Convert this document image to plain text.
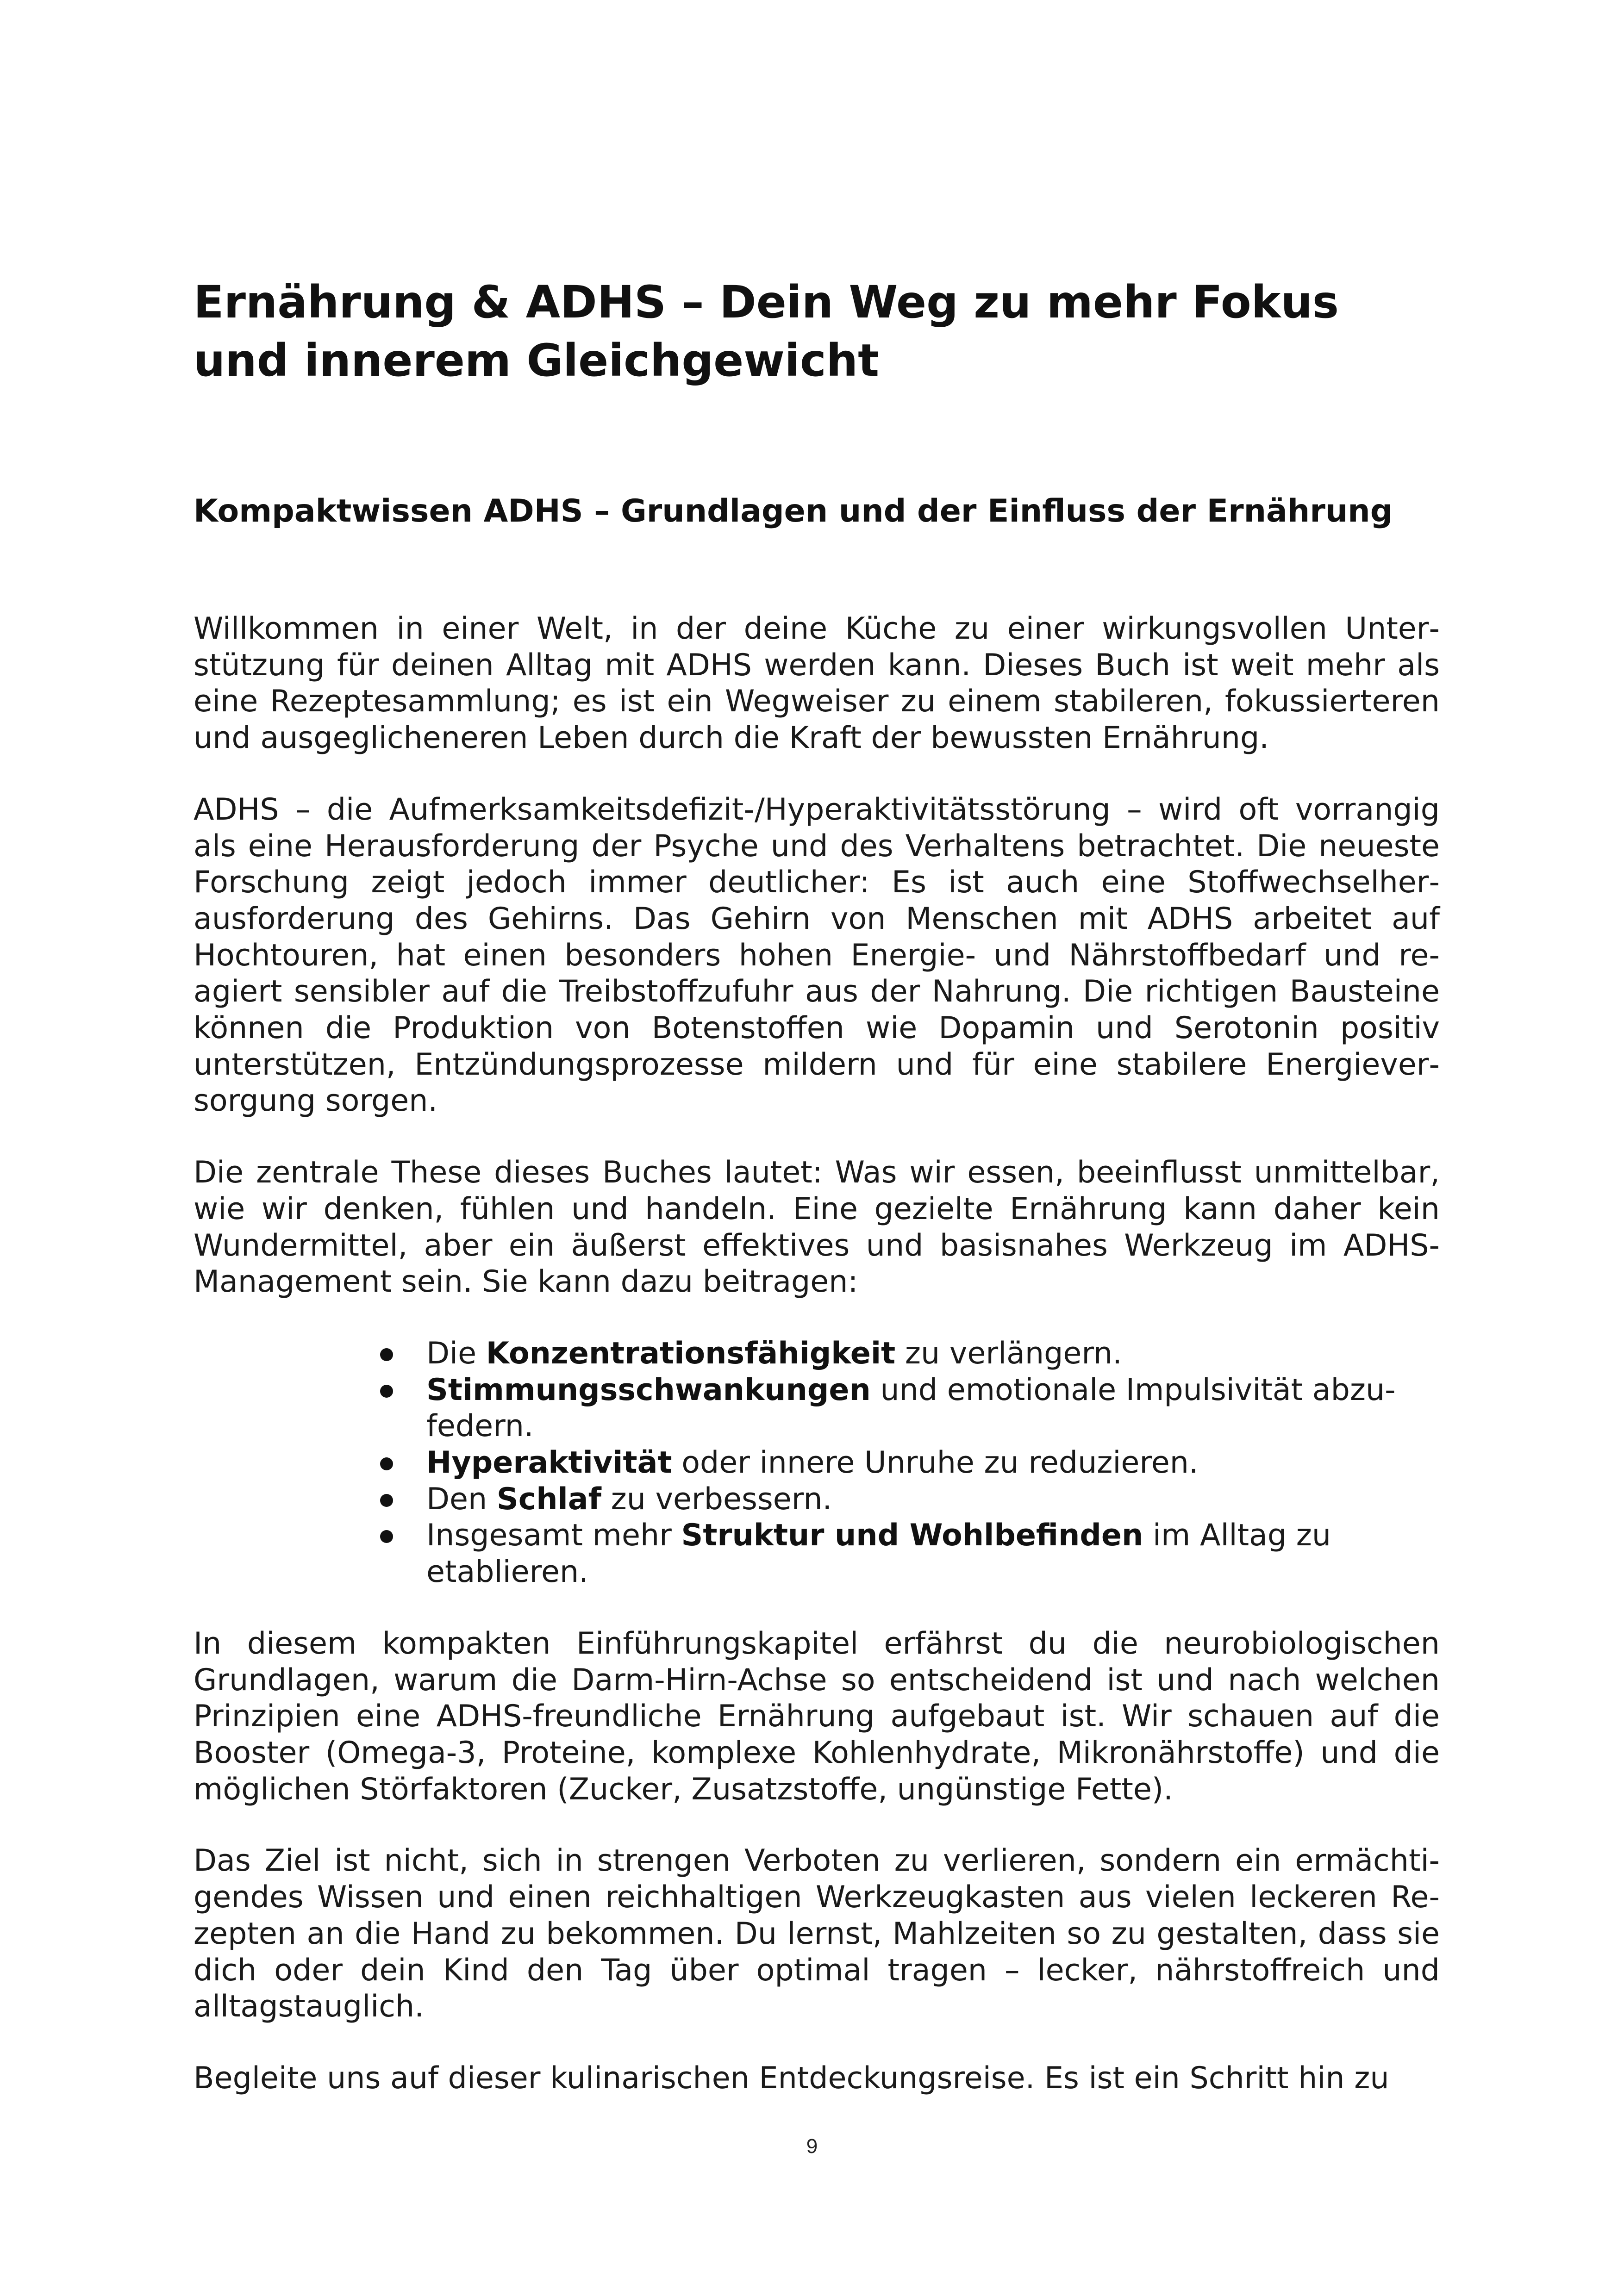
Ernährung & ADHS – Dein Weg zu mehr Fokus und innerem Gleichgewicht
Kompaktwissen ADHS – Grundlagen und der Einfluss der Ernährung

Willkommen in einer Welt, in der deine Küche zu einer wirkungsvollen Unterstützung für deinen Alltag mit ADHS werden kann. Dieses Buch ist weit mehr als eine Rezeptesammlung; es ist ein Wegweiser zu einem stabileren, fokussierteren und ausgeglicheneren Leben durch die Kraft der bewussten Ernährung.

ADHS – die Aufmerksamkeitsdefizit-/Hyperaktivitätsstörung – wird oft vorrangig als eine Herausforderung der Psyche und des Verhaltens betrachtet. Die neueste Forschung zeigt jedoch immer deutlicher: Es ist auch eine Stoffwechselherausforderung des Gehirns. Das Gehirn von Menschen mit ADHS arbeitet auf Hochtouren, hat einen besonders hohen Energie- und Nährstoffbedarf und reagiert sensibler auf die Treibstoffzufuhr aus der Nahrung. Die richtigen Bausteine können die Produktion von Botenstoffen wie Dopamin und Serotonin positiv unterstützen, Entzündungsprozesse mildern und für eine stabilere Energieversorgung sorgen.

Die zentrale These dieses Buches lautet: Was wir essen, beeinflusst unmittelbar, wie wir denken, fühlen und handeln. Eine gezielte Ernährung kann daher kein Wundermittel, aber ein äußerst effektives und basisnahes Werkzeug im ADHS-Management sein. Sie kann dazu beitragen:

Die Konzentrationsfähigkeit zu verlängern.
Stimmungsschwankungen und emotionale Impulsivität abzufedern.
Hyperaktivität oder innere Unruhe zu reduzieren.
Den Schlaf zu verbessern.
Insgesamt mehr Struktur und Wohlbefinden im Alltag zu etablieren.

In diesem kompakten Einführungskapitel erfährst du die neurobiologischen Grundlagen, warum die Darm-Hirn-Achse so entscheidend ist und nach welchen Prinzipien eine ADHS-freundliche Ernährung aufgebaut ist. Wir schauen auf die Booster (Omega-3, Proteine, komplexe Kohlenhydrate, Mikronährstoffe) und die möglichen Störfaktoren (Zucker, Zusatzstoffe, ungünstige Fette).

Das Ziel ist nicht, sich in strengen Verboten zu verlieren, sondern ein ermächtigendes Wissen und einen reichhaltigen Werkzeugkasten aus vielen leckeren Rezepten an die Hand zu bekommen. Du lernst, Mahlzeiten so zu gestalten, dass sie dich oder dein Kind den Tag über optimal tragen – lecker, nährstoffreich und alltagstauglich.

Begleite uns auf dieser kulinarischen Entdeckungsreise. Es ist ein Schritt hin zu

9
